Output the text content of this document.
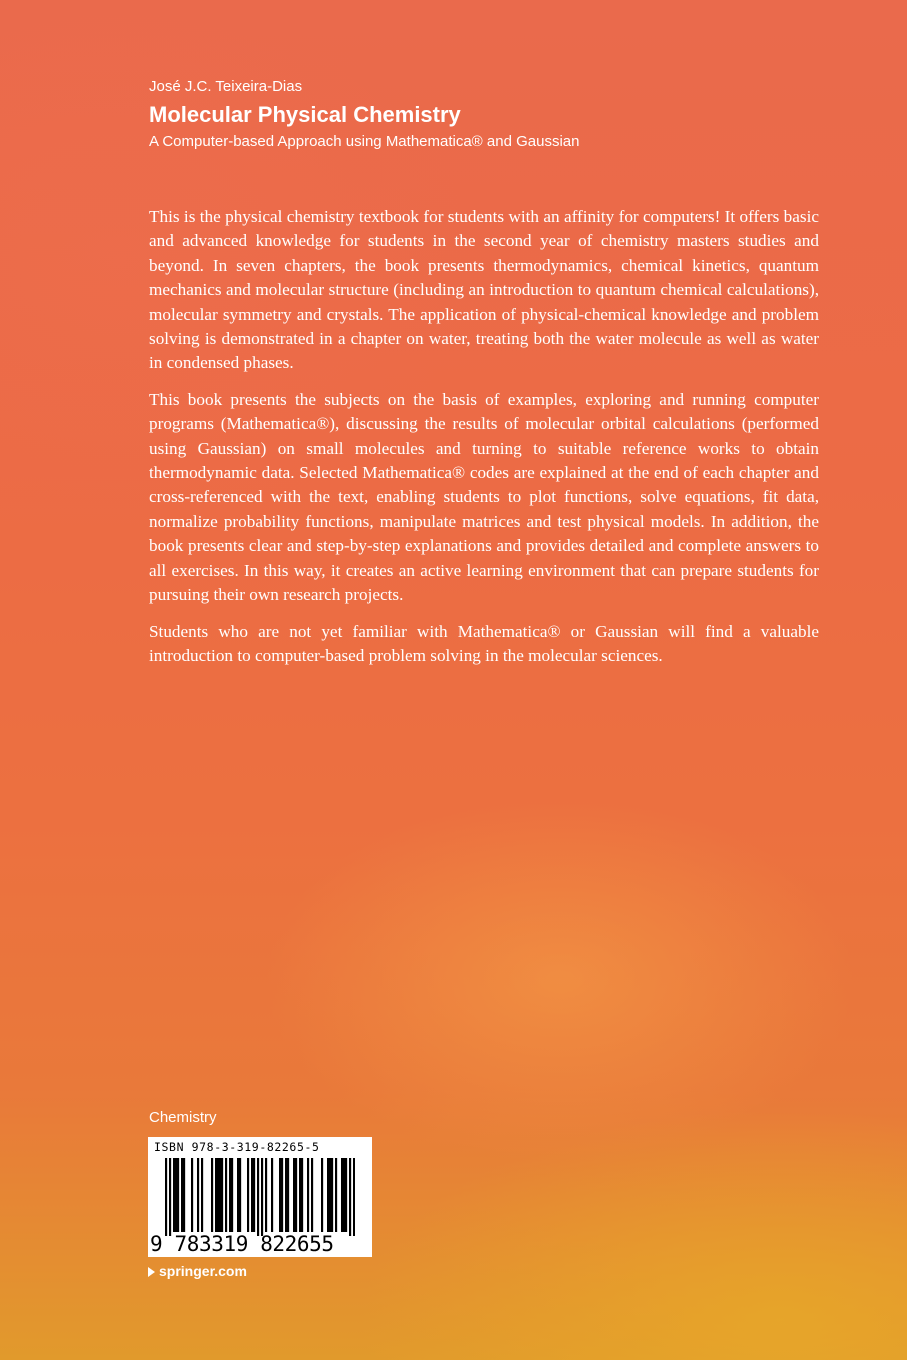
José J.C. Teixeira-Dias
Molecular Physical Chemistry
A Computer-based Approach using Mathematica® and Gaussian

This is the physical chemistry textbook for students with an affinity for computers! It offers basic and advanced knowledge for students in the second year of chemistry masters studies and beyond. In seven chapters, the book presents thermodynamics, chemical kinetics, quantum mechanics and molecular structure (including an introduction to quantum chemical calculations), molecular symmetry and crystals. The application of physical-chemical knowledge and problem solving is demonstrated in a chapter on water, treating both the water molecule as well as water in condensed phases.

This book presents the subjects on the basis of examples, exploring and running computer programs (Mathematica®), discussing the results of molecular orbital calculations (performed using Gaussian) on small molecules and turning to suitable reference works to obtain thermodynamic data. Selected Mathematica® codes are explained at the end of each chapter and cross-referenced with the text, enabling students to plot functions, solve equations, fit data, normalize probability functions, manipulate matrices and test physical models. In addition, the book presents clear and step-by-step explanations and provides detailed and complete answers to all exercises. In this way, it creates an active learning environment that can prepare students for pursuing their own research projects.

Students who are not yet familiar with Mathematica® or Gaussian will find a valuable introduction to computer-based problem solving in the molecular sciences.

Chemistry
ISBN 978-3-319-82265-5
9 783319 822655
springer.com
